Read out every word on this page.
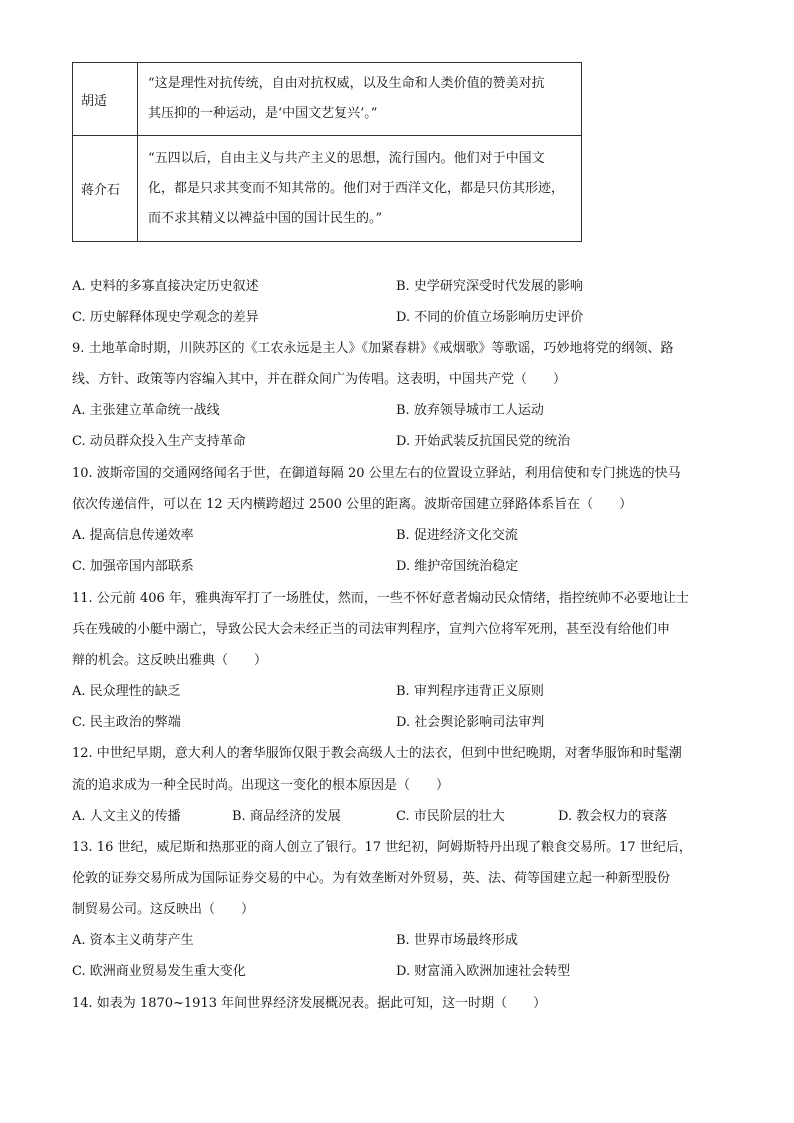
胡适	“这是理性对抗传统，自由对抗权威，以及生命和人类价值的赞美对抗
其压抑的一种运动，是‘中国文艺复兴’。”

蒋介石	“五四以后，自由主义与共产主义的思想，流行国内。他们对于中国文
化，都是只求其变而不知其常的。他们对于西洋文化，都是只仿其形迹，
而不求其精义以裨益中国的国计民生的。”
A. 史料的多寡直接决定历史叙述	B. 史学研究深受时代发展的影响
C. 历史解释体现史学观念的差异	D. 不同的价值立场影响历史评价
9. 土地革命时期，川陕苏区的《工农永远是主人》《加紧春耕》《戒烟歌》等歌谣，巧妙地将党的纲领、路
线、方针、政策等内容编入其中，并在群众间广为传唱。这表明，中国共产党（　　）
A. 主张建立革命统一战线	B. 放弃领导城市工人运动
C. 动员群众投入生产支持革命	D. 开始武装反抗国民党的统治
10. 波斯帝国的交通网络闻名于世，在御道每隔 20 公里左右的位置设立驿站，利用信使和专门挑选的快马
依次传递信件，可以在 12 天内横跨超过 2500 公里的距离。波斯帝国建立驿路体系旨在（　　）
A. 提高信息传递效率	B. 促进经济文化交流
C. 加强帝国内部联系	D. 维护帝国统治稳定
11. 公元前 406 年，雅典海军打了一场胜仗，然而，一些不怀好意者煽动民众情绪，指控统帅不必要地让士
兵在残破的小艇中溺亡，导致公民大会未经正当的司法审判程序，宣判六位将军死刑，甚至没有给他们申
辩的机会。这反映出雅典（　　）
A. 民众理性的缺乏	B. 审判程序违背正义原则
C. 民主政治的弊端	D. 社会舆论影响司法审判
12. 中世纪早期，意大利人的奢华服饰仅限于教会高级人士的法衣，但到中世纪晚期，对奢华服饰和时髦潮
流的追求成为一种全民时尚。出现这一变化的根本原因是（　　）
A. 人文主义的传播	B. 商品经济的发展	C. 市民阶层的壮大	D. 教会权力的衰落
13. 16 世纪，威尼斯和热那亚的商人创立了银行。17 世纪初，阿姆斯特丹出现了粮食交易所。17 世纪后，
伦敦的证券交易所成为国际证券交易的中心。为有效垄断对外贸易，英、法、荷等国建立起一种新型股份
制贸易公司。这反映出（　　）
A. 资本主义萌芽产生	B. 世界市场最终形成
C. 欧洲商业贸易发生重大变化	D. 财富涌入欧洲加速社会转型
14. 如表为 1870~1913 年间世界经济发展概况表。据此可知，这一时期（　　）
